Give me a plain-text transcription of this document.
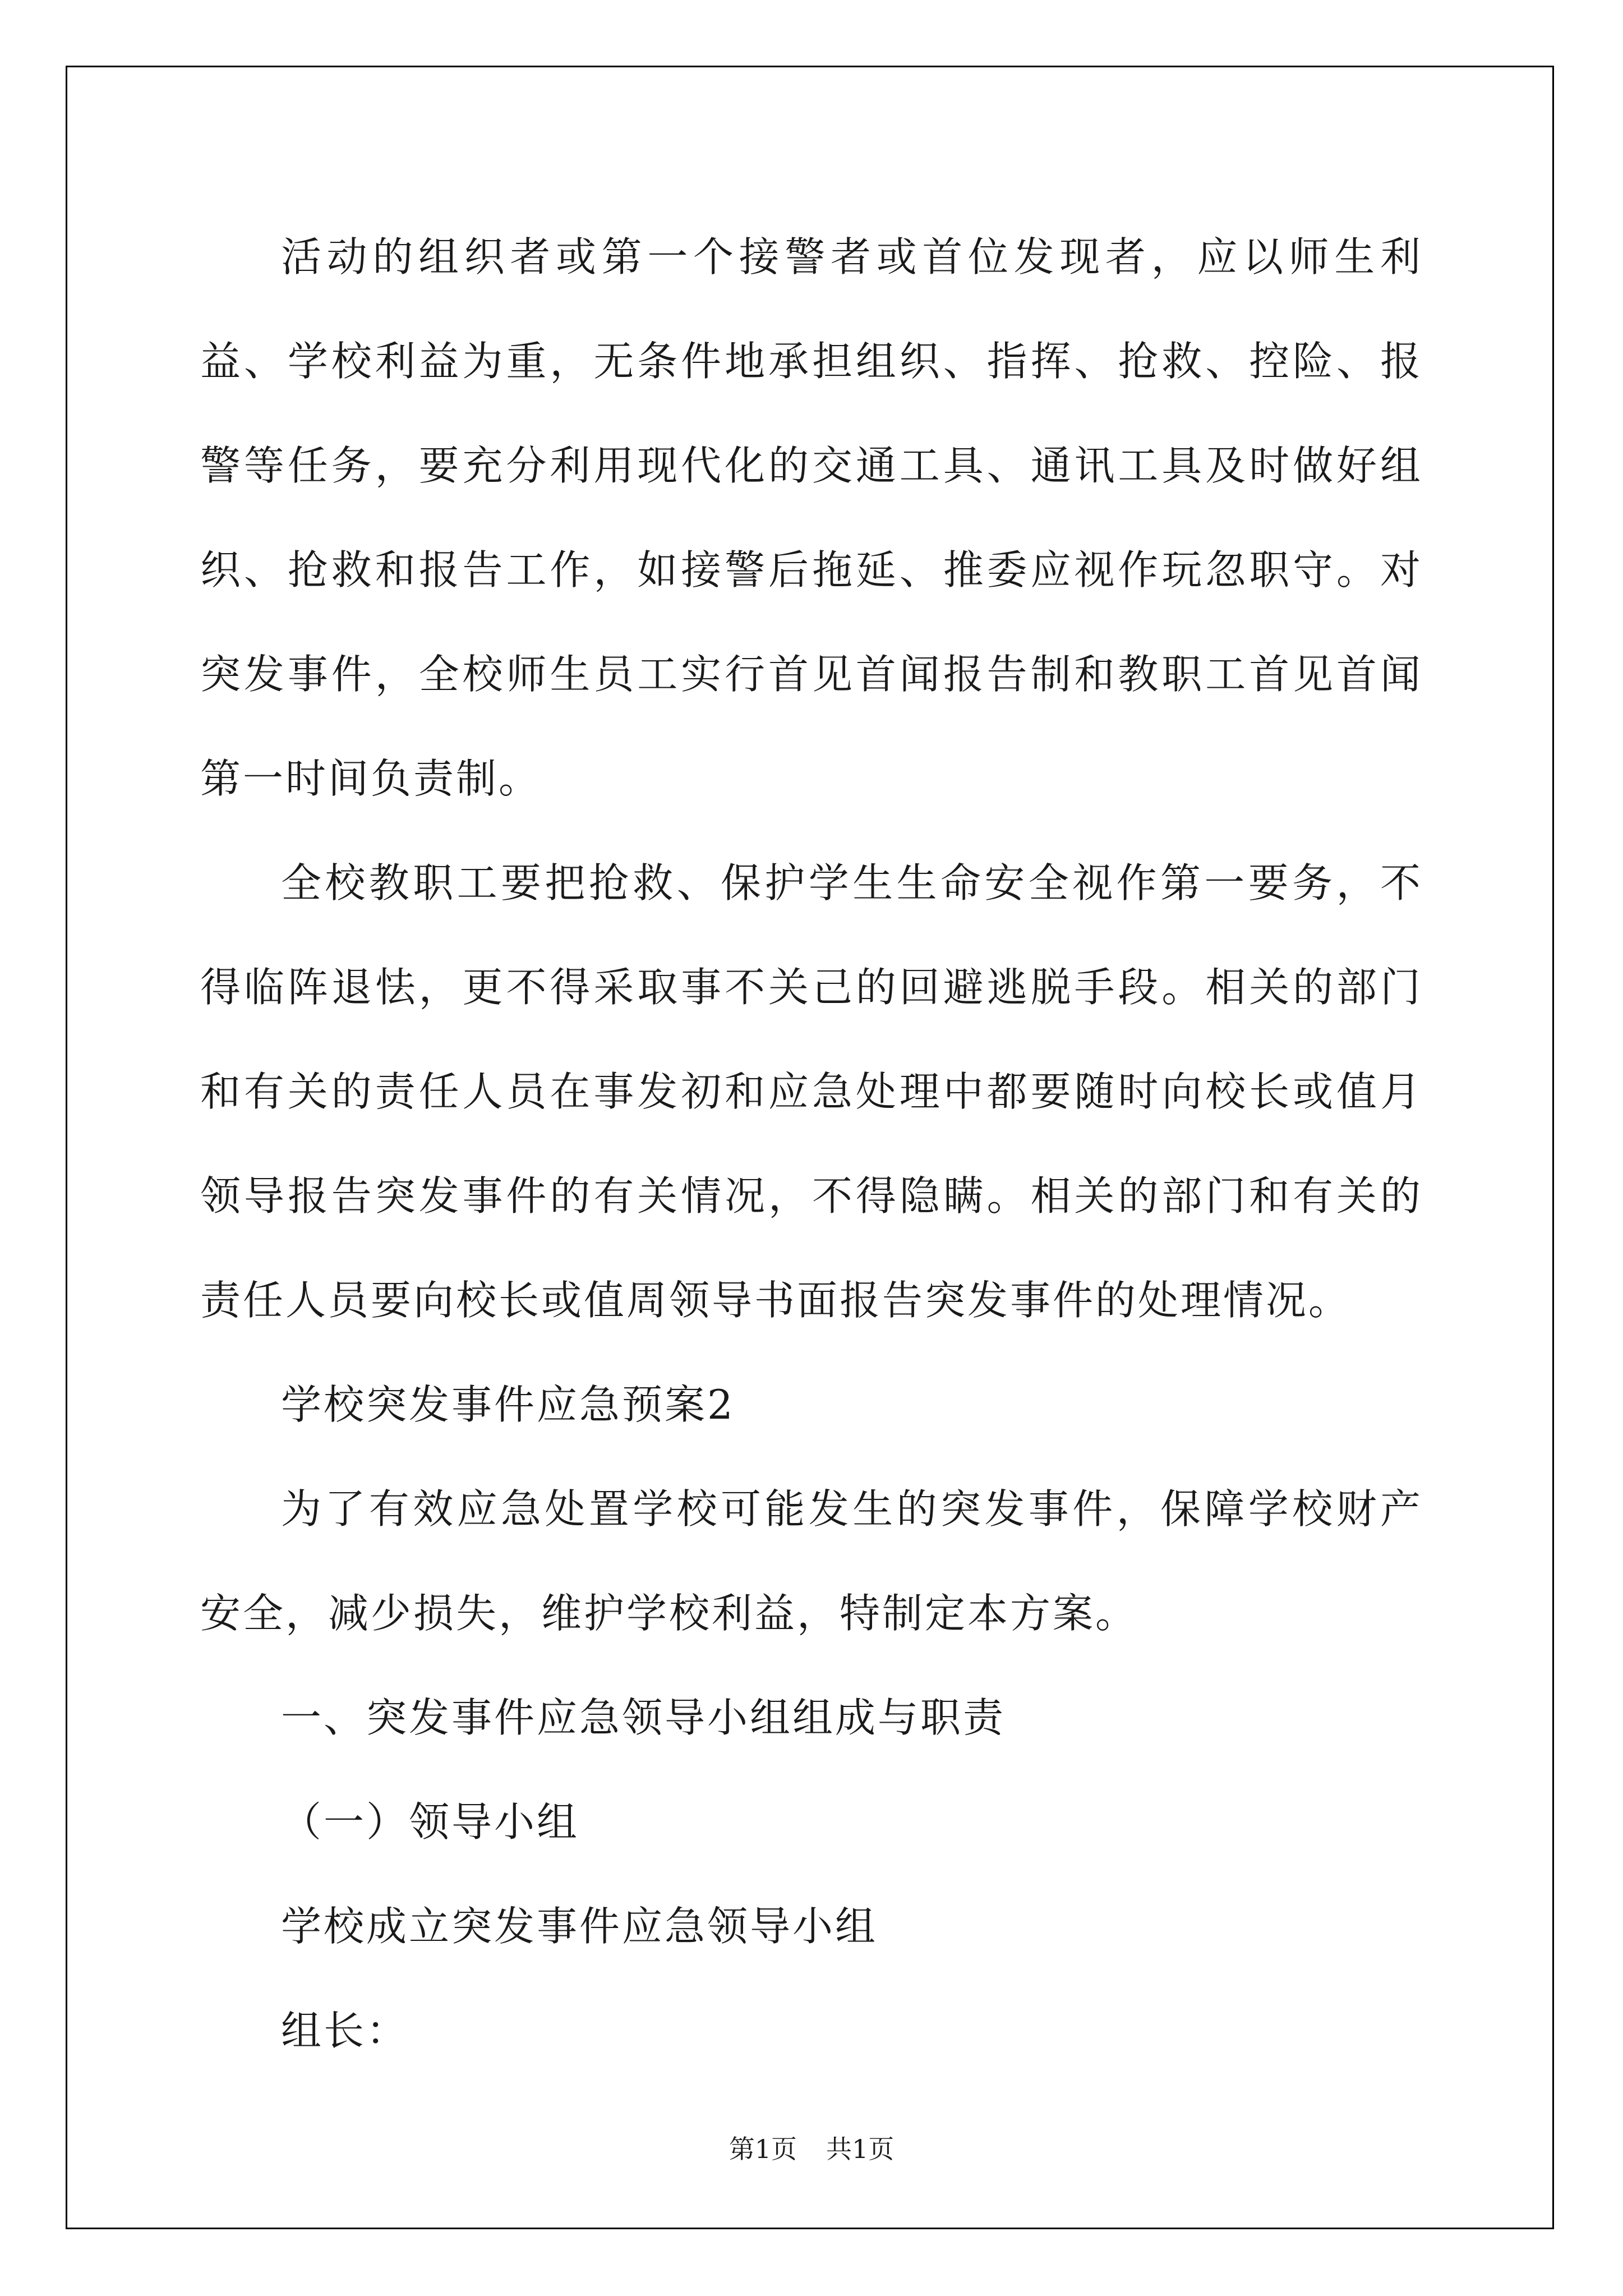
活动的组织者或第一个接警者或首位发现者，应以师生利益、学校利益为重，无条件地承担组织、指挥、抢救、控险、报警等任务，要充分利用现代化的交通工具、通讯工具及时做好组织、抢救和报告工作，如接警后拖延、推委应视作玩忽职守。对突发事件，全校师生员工实行首见首闻报告制和教职工首见首闻第一时间负责制。

全校教职工要把抢救、保护学生生命安全视作第一要务，不得临阵退怯，更不得采取事不关己的回避逃脱手段。相关的部门和有关的责任人员在事发初和应急处理中都要随时向校长或值月领导报告突发事件的有关情况，不得隐瞒。相关的部门和有关的责任人员要向校长或值周领导书面报告突发事件的处理情况。

学校突发事件应急预案2

为了有效应急处置学校可能发生的突发事件，保障学校财产安全，减少损失，维护学校利益，特制定本方案。

一、突发事件应急领导小组组成与职责

（一）领导小组

学校成立突发事件应急领导小组

组长：

第1页 共1页
